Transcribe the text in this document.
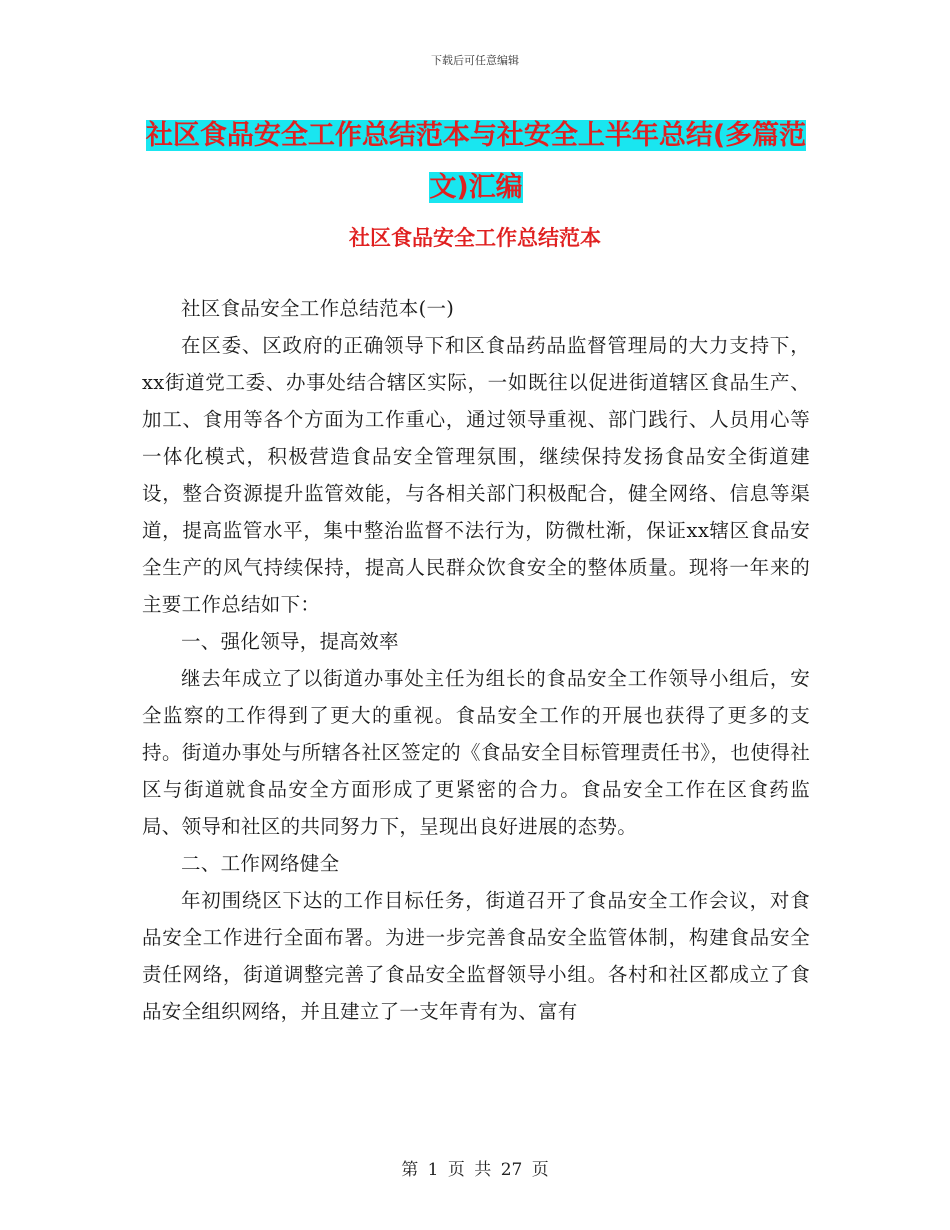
下载后可任意编辑
社区食品安全工作总结范本与社安全上半年总结(多篇范文)汇编
社区食品安全工作总结范本

社区食品安全工作总结范本(一)

在区委、区政府的正确领导下和区食品药品监督管理局的大力支持下，xx街道党工委、办事处结合辖区实际，一如既往以促进街道辖区食品生产、加工、食用等各个方面为工作重心，通过领导重视、部门践行、人员用心等一体化模式，积极营造食品安全管理氛围，继续保持发扬食品安全街道建设，整合资源提升监管效能，与各相关部门积极配合，健全网络、信息等渠道，提高监管水平，集中整治监督不法行为，防微杜渐，保证xx辖区食品安全生产的风气持续保持，提高人民群众饮食安全的整体质量。现将一年来的主要工作总结如下：

一、强化领导，提高效率

继去年成立了以街道办事处主任为组长的食品安全工作领导小组后，安全监察的工作得到了更大的重视。食品安全工作的开展也获得了更多的支持。街道办事处与所辖各社区签定的《食品安全目标管理责任书》，也使得社区与街道就食品安全方面形成了更紧密的合力。食品安全工作在区食药监局、领导和社区的共同努力下，呈现出良好进展的态势。

二、工作网络健全

年初围绕区下达的工作目标任务，街道召开了食品安全工作会议，对食品安全工作进行全面布署。为进一步完善食品安全监管体制，构建食品安全责任网络，街道调整完善了食品安全监督领导小组。各村和社区都成立了食品安全组织网络，并且建立了一支年青有为、富有

第 1 页 共 27 页
